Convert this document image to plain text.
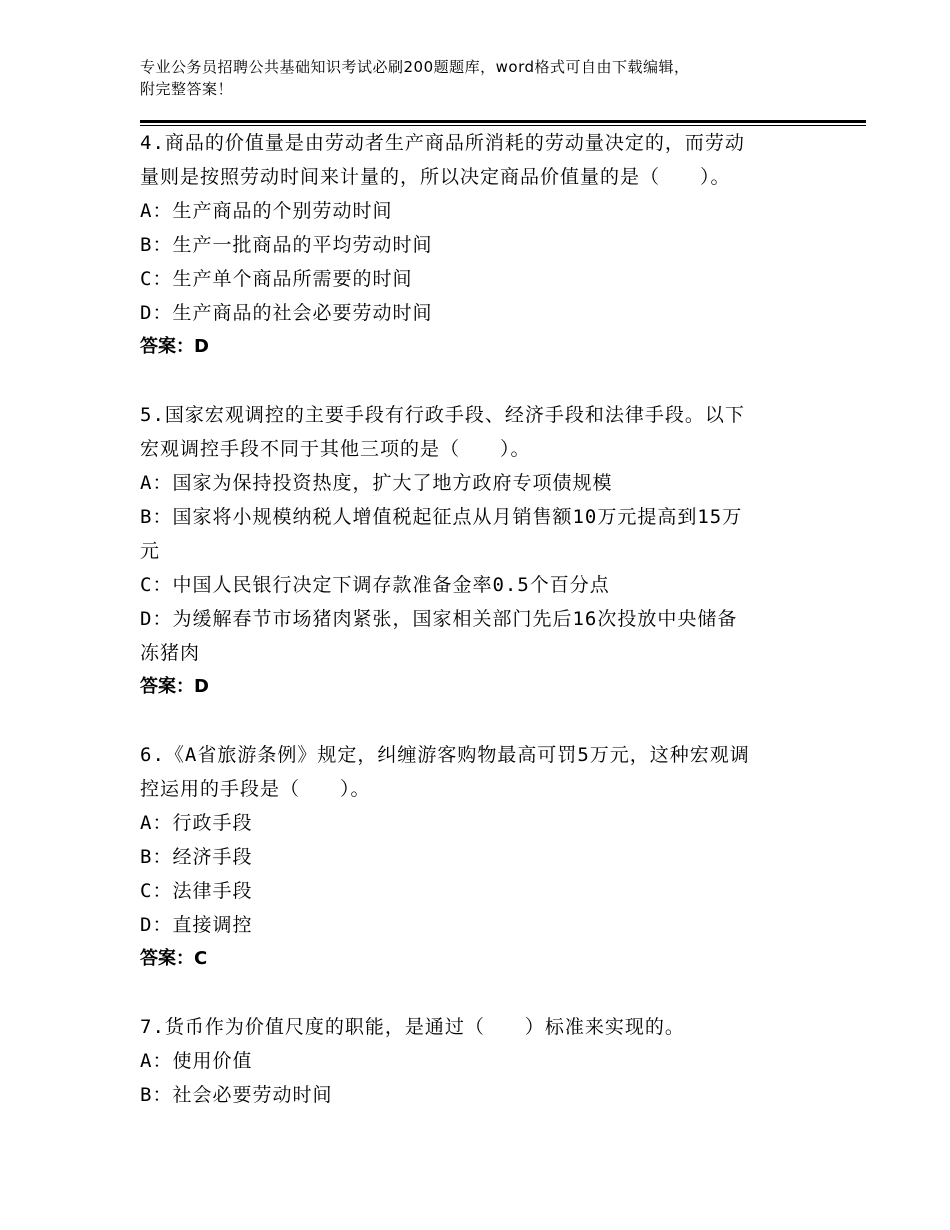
专业公务员招聘公共基础知识考试必刷200题题库，word格式可自由下载编辑，
附完整答案！
4.商品的价值量是由劳动者生产商品所消耗的劳动量决定的，而劳动
量则是按照劳动时间来计量的，所以决定商品价值量的是（　　）。
A：生产商品的个别劳动时间
B：生产一批商品的平均劳动时间
C：生产单个商品所需要的时间
D：生产商品的社会必要劳动时间
答案：D
5.国家宏观调控的主要手段有行政手段、经济手段和法律手段。以下
宏观调控手段不同于其他三项的是（　　）。
A：国家为保持投资热度，扩大了地方政府专项债规模
B：国家将小规模纳税人增值税起征点从月销售额10万元提高到15万
元
C：中国人民银行决定下调存款准备金率0.5个百分点
D：为缓解春节市场猪肉紧张，国家相关部门先后16次投放中央储备
冻猪肉
答案：D
6.《A省旅游条例》规定，纠缠游客购物最高可罚5万元，这种宏观调
控运用的手段是（　　）。
A：行政手段
B：经济手段
C：法律手段
D：直接调控
答案：C
7.货币作为价值尺度的职能，是通过（　　）标准来实现的。
A：使用价值
B：社会必要劳动时间
